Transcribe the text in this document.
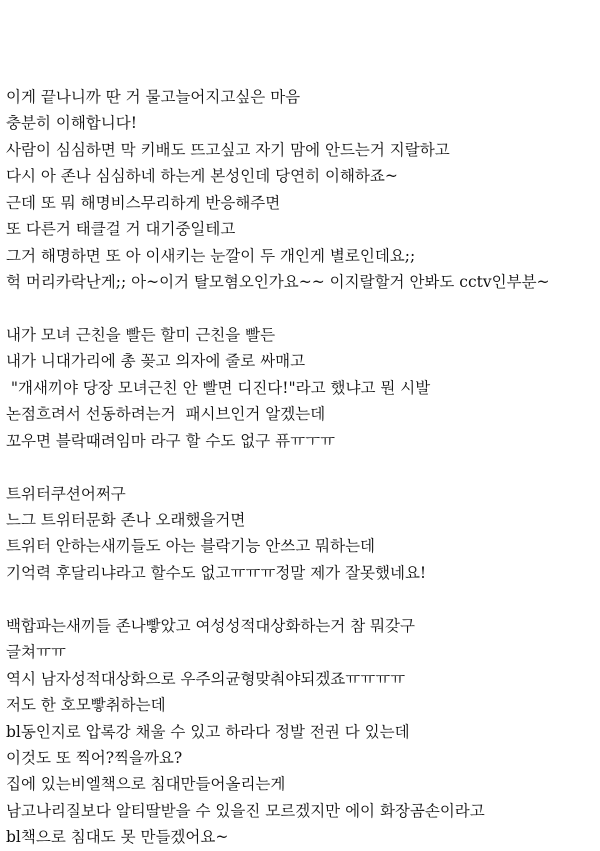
이게 끝나니까 딴 거 물고늘어지고싶은 마음
충분히 이해합니다!
사람이 심심하면 막 키배도 뜨고싶고 자기 맘에 안드는거 지랄하고
다시 아 존나 심심하네 하는게 본성인데 당연히 이해하죠~
근데 또 뭐 해명비스무리하게 반응해주면
또 다른거 태클걸 거 대기중일테고
그거 해명하면 또 아 이새키는 눈깔이 두 개인게 별로인데요;;
헉 머리카락난게;; 아~이거 탈모혐오인가요~~ 이지랄할거 안봐도 cctv인부분~
내가 모녀 근친을 빨든 할미 근친을 빨든
내가 니대가리에 총 꽂고 의자에 줄로 싸매고
"개새끼야 당장 모녀근친 안 빨면 디진다!"라고 했냐고 뭔 시발
논점흐려서 선동하려는거  패시브인거 알겠는데
꼬우면 블락때려임마 라구 할 수도 없구 퓨ㅠㅜㅠ
트위터쿠션어쩌구
느그 트위터문화 존나 오래했을거면
트위터 안하는새끼들도 아는 블락기능 안쓰고 뭐하는데
기억력 후달리냐라고 할수도 없고ㅠㅠㅠ정말 제가 잘못했네요!
백합파는새끼들 존나빻았고 여성성적대상화하는거 참 뭐갖구
글쳐ㅠㅠ
역시 남자성적대상화으로 우주의균형맞춰야되겠죠ㅠㅠㅠㅠ
저도 한 호모빻취하는데
bl동인지로 압록강 채울 수 있고 하라다 정발 전권 다 있는데
이것도 또 찍어?찍을까요?
집에 있는비엘책으로 침대만들어올리는게
남고나리질보다 알티딸받을 수 있을진 모르겠지만 에이 화장곰손이라고
bl책으로 침대도 못 만들겠어요~
